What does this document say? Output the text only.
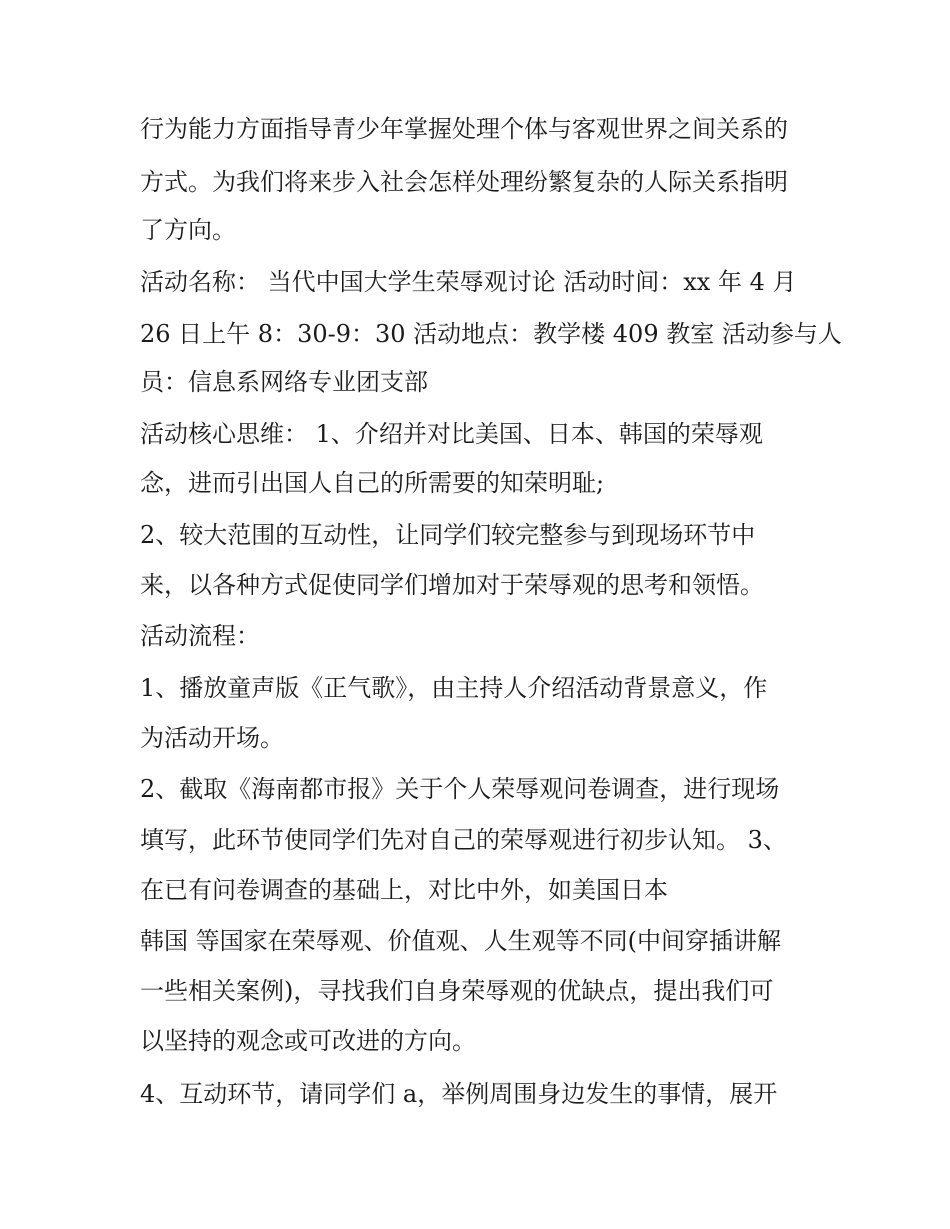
行为能力方面指导青少年掌握处理个体与客观世界之间关系的

方式。为我们将来步入社会怎样处理纷繁复杂的人际关系指明

了方向。

活动名称： 当代中国大学生荣辱观讨论 活动时间：xx 年 4 月

26 日上午 8：30-9：30 活动地点：教学楼 409 教室 活动参与人

员：信息系网络专业团支部

活动核心思维： 1、介绍并对比美国、日本、韩国的荣辱观

念，进而引出国人自己的所需要的知荣明耻;

2、较大范围的互动性，让同学们较完整参与到现场环节中

来，以各种方式促使同学们增加对于荣辱观的思考和领悟。

活动流程：

1、播放童声版《正气歌》，由主持人介绍活动背景意义，作

为活动开场。

2、截取《海南都市报》关于个人荣辱观问卷调查，进行现场

填写，此环节使同学们先对自己的荣辱观进行初步认知。 3、

在已有问卷调查的基础上，对比中外，如美国日本

韩国 等国家在荣辱观、价值观、人生观等不同(中间穿插讲解

一些相关案例)，寻找我们自身荣辱观的优缺点，提出我们可

以坚持的观念或可改进的方向。

4、互动环节，请同学们 a，举例周围身边发生的事情，展开
